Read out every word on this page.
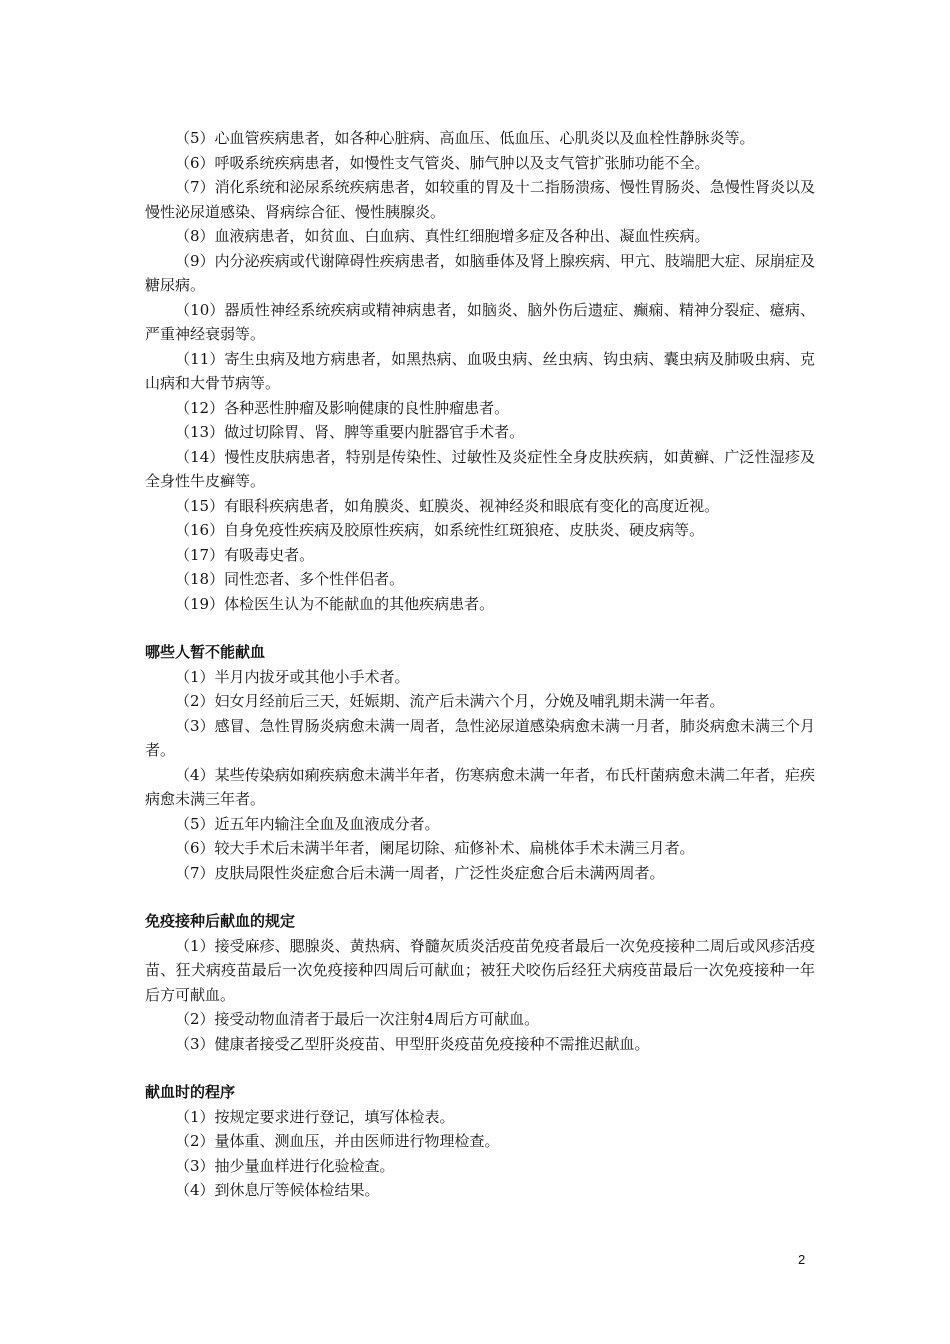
（5）心血管疾病患者，如各种心脏病、高血压、低血压、心肌炎以及血栓性静脉炎等。

（6）呼吸系统疾病患者，如慢性支气管炎、肺气肿以及支气管扩张肺功能不全。

（7）消化系统和泌尿系统疾病患者，如较重的胃及十二指肠溃疡、慢性胃肠炎、急慢性肾炎以及慢性泌尿道感染、肾病综合征、慢性胰腺炎。

（8）血液病患者，如贫血、白血病、真性红细胞增多症及各种出、凝血性疾病。

（9）内分泌疾病或代谢障碍性疾病患者，如脑垂体及肾上腺疾病、甲亢、肢端肥大症、尿崩症及糖尿病。

（10）器质性神经系统疾病或精神病患者，如脑炎、脑外伤后遗症、癫痫、精神分裂症、癔病、严重神经衰弱等。

（11）寄生虫病及地方病患者，如黑热病、血吸虫病、丝虫病、钩虫病、囊虫病及肺吸虫病、克山病和大骨节病等。

（12）各种恶性肿瘤及影响健康的良性肿瘤患者。

（13）做过切除胃、肾、脾等重要内脏器官手术者。

（14）慢性皮肤病患者，特别是传染性、过敏性及炎症性全身皮肤疾病，如黄癣、广泛性湿疹及全身性牛皮癣等。

（15）有眼科疾病患者，如角膜炎、虹膜炎、视神经炎和眼底有变化的高度近视。

（16）自身免疫性疾病及胶原性疾病，如系统性红斑狼疮、皮肤炎、硬皮病等。

（17）有吸毒史者。

（18）同性恋者、多个性伴侣者。

（19）体检医生认为不能献血的其他疾病患者。

哪些人暂不能献血

（1）半月内拔牙或其他小手术者。

（2）妇女月经前后三天，妊娠期、流产后未满六个月，分娩及哺乳期未满一年者。

（3）感冒、急性胃肠炎病愈未满一周者，急性泌尿道感染病愈未满一月者，肺炎病愈未满三个月者。

（4）某些传染病如痢疾病愈未满半年者，伤寒病愈未满一年者，布氏杆菌病愈未满二年者，疟疾病愈未满三年者。

（5）近五年内输注全血及血液成分者。

（6）较大手术后未满半年者，阑尾切除、疝修补术、扁桃体手术未满三月者。

（7）皮肤局限性炎症愈合后未满一周者，广泛性炎症愈合后未满两周者。

免疫接种后献血的规定

（1）接受麻疹、腮腺炎、黄热病、脊髓灰质炎活疫苗免疫者最后一次免疫接种二周后或风疹活疫苗、狂犬病疫苗最后一次免疫接种四周后可献血；被狂犬咬伤后经狂犬病疫苗最后一次免疫接种一年后方可献血。

（2）接受动物血清者于最后一次注射4周后方可献血。

（3）健康者接受乙型肝炎疫苗、甲型肝炎疫苗免疫接种不需推迟献血。

献血时的程序

（1）按规定要求进行登记，填写体检表。

（2）量体重、测血压，并由医师进行物理检查。

（3）抽少量血样进行化验检查。

（4）到休息厅等候体检结果。

2
